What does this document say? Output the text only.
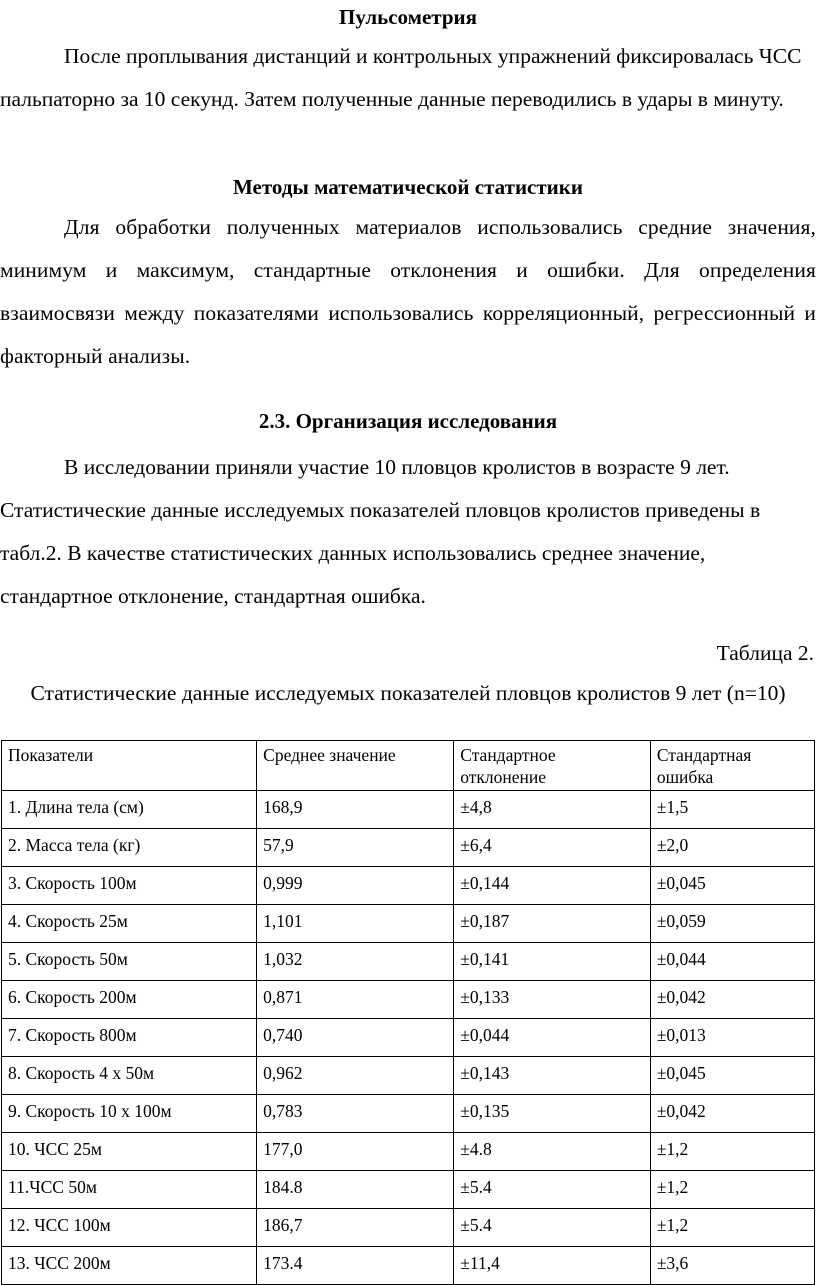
Пульсометрия

После проплывания дистанций и контрольных упражнений фиксировалась ЧСС пальпаторно за 10 секунд. Затем полученные данные переводились в удары в минуту.

Методы математической статистики

Для обработки полученных материалов использовались средние значения, минимум и максимум, стандартные отклонения и ошибки. Для определения взаимосвязи между показателями использовались корреляционный, регрессионный и факторный анализы.

2.3. Организация исследования

В исследовании приняли участие 10 пловцов кролистов в возрасте 9 лет. Статистические данные исследуемых показателей пловцов кролистов приведены в табл.2. В качестве статистических данных использовались среднее значение, стандартное отклонение, стандартная ошибка.

Таблица 2.
Статистические данные исследуемых показателей пловцов кролистов 9 лет (n=10)
Показатели	Среднее значение	Стандартное отклонение	Стандартная ошибка
1. Длина тела (см)	168,9	±4,8	±1,5
2. Масса тела (кг)	57,9	±6,4	±2,0
3. Скорость 100м	0,999	±0,144	±0,045
4. Скорость 25м	1,101	±0,187	±0,059
5. Скорость 50м	1,032	±0,141	±0,044
6. Скорость 200м	0,871	±0,133	±0,042
7. Скорость 800м	0,740	±0,044	±0,013
8. Скорость 4 х 50м	0,962	±0,143	±0,045
9. Скорость 10 х 100м	0,783	±0,135	±0,042
10. ЧСС 25м	177,0	±4.8	±1,2
11.ЧСС 50м	184.8	±5.4	±1,2
12. ЧСС 100м	186,7	±5.4	±1,2
13. ЧСС 200м	173.4	±11,4	±3,6
